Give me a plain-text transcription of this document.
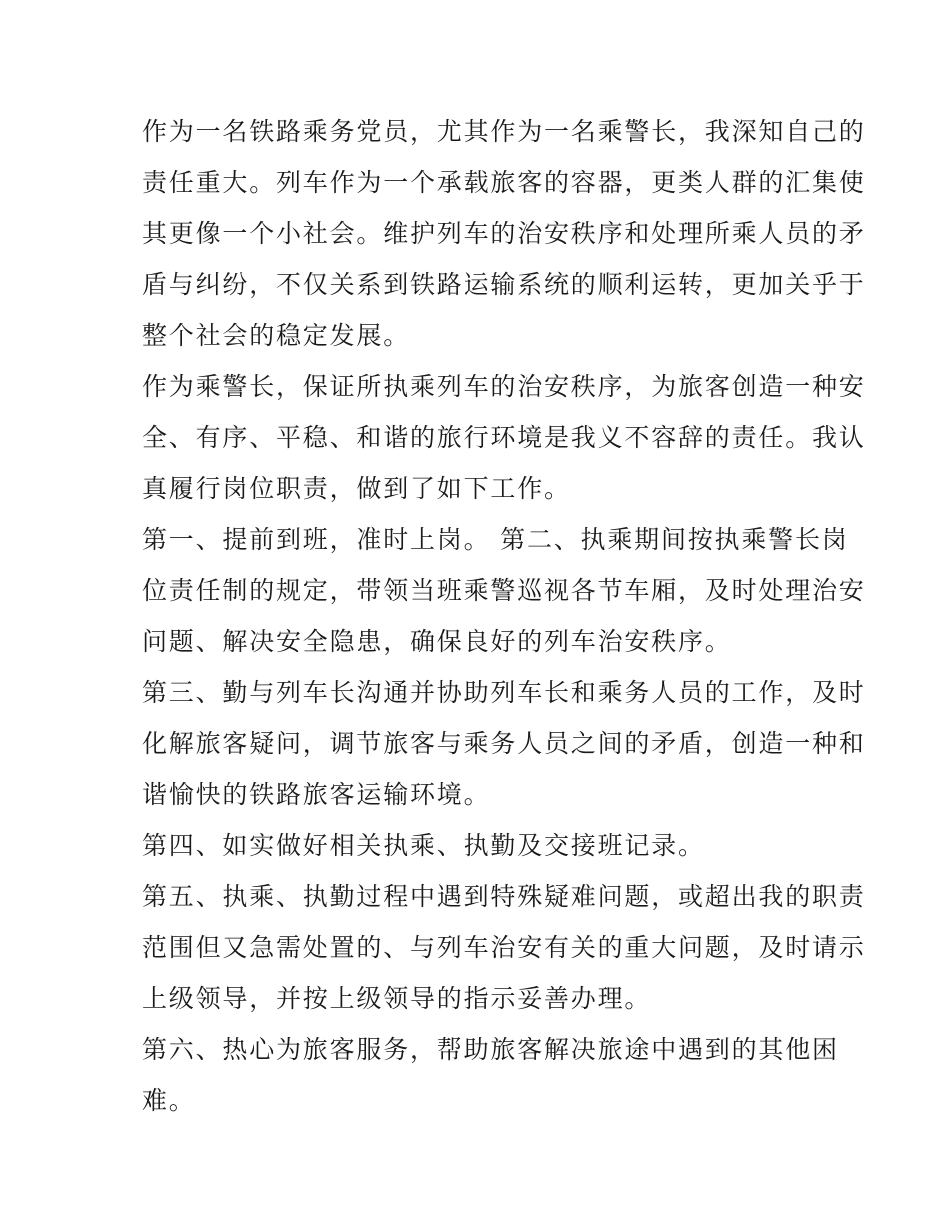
作为一名铁路乘务党员，尤其作为一名乘警长，我深知自己的
责任重大。列车作为一个承载旅客的容器，更类人群的汇集使
其更像一个小社会。维护列车的治安秩序和处理所乘人员的矛
盾与纠纷，不仅关系到铁路运输系统的顺利运转，更加关乎于
整个社会的稳定发展。
作为乘警长，保证所执乘列车的治安秩序，为旅客创造一种安
全、有序、平稳、和谐的旅行环境是我义不容辞的责任。我认
真履行岗位职责，做到了如下工作。
第一、提前到班，准时上岗。 第二、执乘期间按执乘警长岗
位责任制的规定，带领当班乘警巡视各节车厢，及时处理治安
问题、解决安全隐患，确保良好的列车治安秩序。
第三、勤与列车长沟通并协助列车长和乘务人员的工作，及时
化解旅客疑问，调节旅客与乘务人员之间的矛盾，创造一种和
谐愉快的铁路旅客运输环境。
第四、如实做好相关执乘、执勤及交接班记录。
第五、执乘、执勤过程中遇到特殊疑难问题，或超出我的职责
范围但又急需处置的、与列车治安有关的重大问题，及时请示
上级领导，并按上级领导的指示妥善办理。
第六、热心为旅客服务，帮助旅客解决旅途中遇到的其他困
难。
